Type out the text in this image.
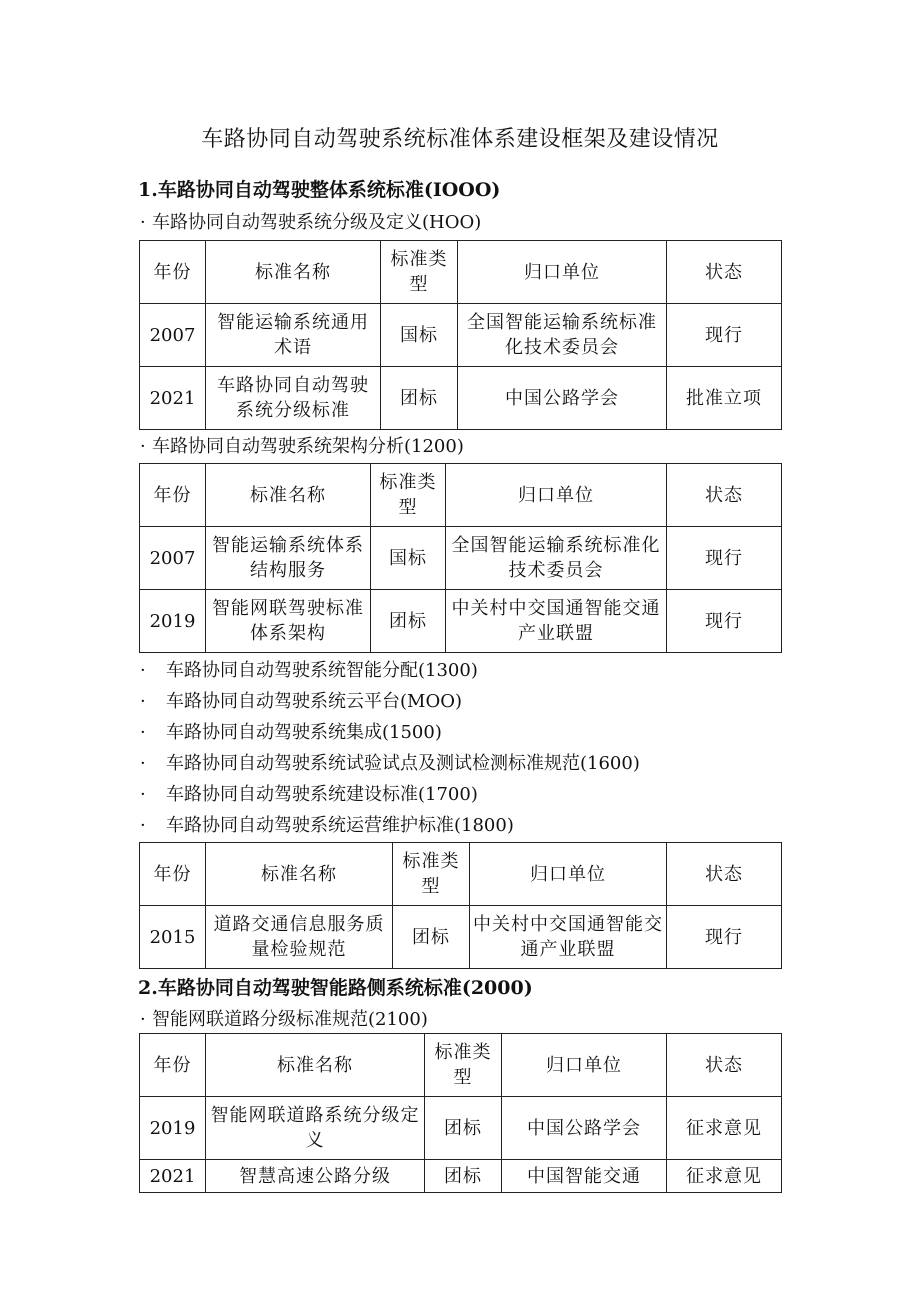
车路协同自动驾驶系统标准体系建设框架及建设情况
1.车路协同自动驾驶整体系统标准(IOOO)
· 车路协同自动驾驶系统分级及定义(HOO)
年份	标准名称	标准类型	归口单位	状态
2007	智能运输系统通用术语	国标	全国智能运输系统标准化技术委员会	现行
2021	车路协同自动驾驶系统分级标准	团标	中国公路学会	批准立项
· 车路协同自动驾驶系统架构分析(1200)
年份	标准名称	标准类型	归口单位	状态
2007	智能运输系统体系结构服务	国标	全国智能运输系统标准化技术委员会	现行
2019	智能网联驾驶标准体系架构	团标	中关村中交国通智能交通产业联盟	现行
· 车路协同自动驾驶系统智能分配(1300)
· 车路协同自动驾驶系统云平台(MOO)
· 车路协同自动驾驶系统集成(1500)
· 车路协同自动驾驶系统试验试点及测试检测标准规范(1600)
· 车路协同自动驾驶系统建设标准(1700)
· 车路协同自动驾驶系统运营维护标准(1800)
年份	标准名称	标准类型	归口单位	状态
2015	道路交通信息服务质量检验规范	团标	中关村中交国通智能交通产业联盟	现行
2.车路协同自动驾驶智能路侧系统标准(2000)
· 智能网联道路分级标准规范(2100)
年份	标准名称	标准类型	归口单位	状态
2019	智能网联道路系统分级定义	团标	中国公路学会	征求意见
2021	智慧高速公路分级	团标	中国智能交通	征求意见
